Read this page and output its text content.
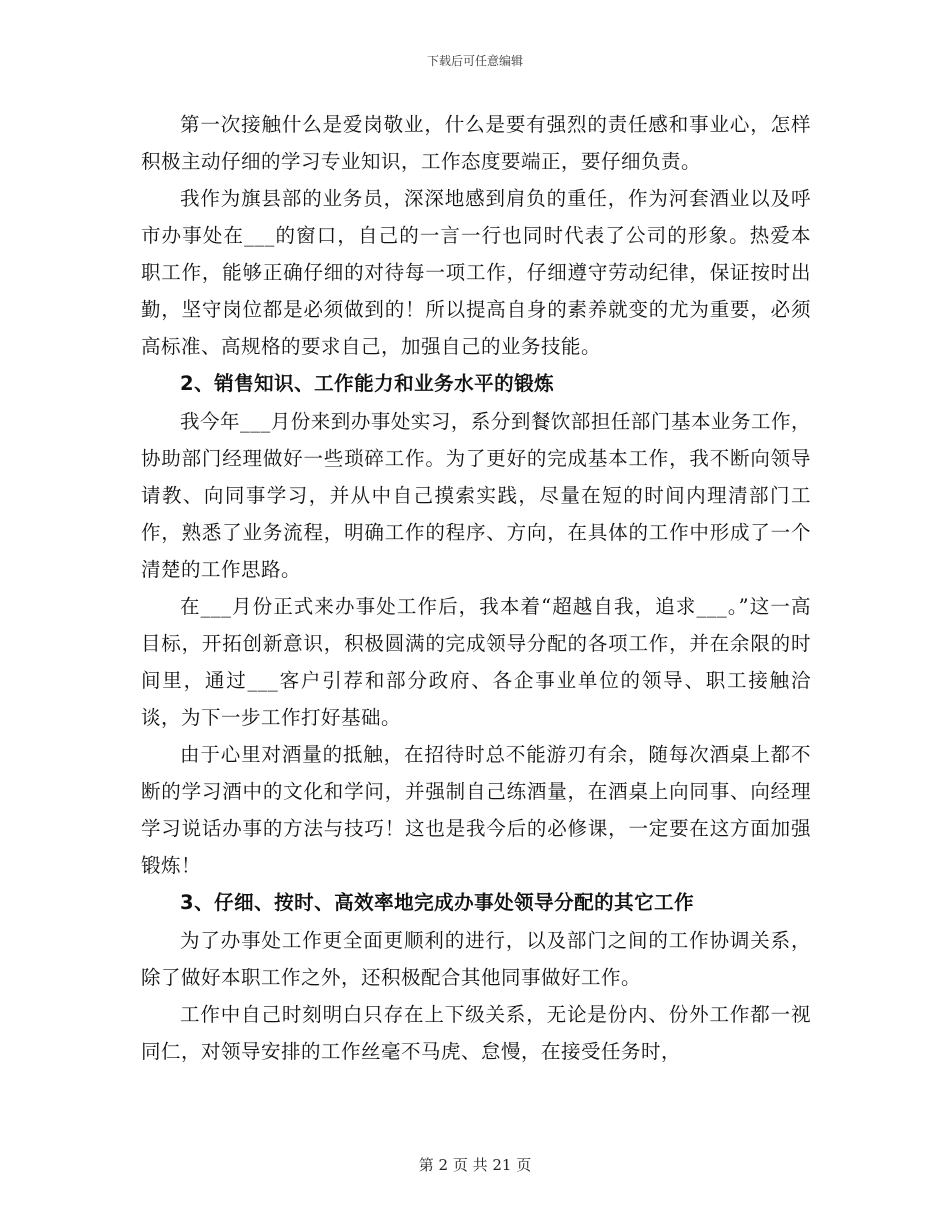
下载后可任意编辑

第一次接触什么是爱岗敬业，什么是要有强烈的责任感和事业心，怎样积极主动仔细的学习专业知识，工作态度要端正，要仔细负责。

我作为旗县部的业务员，深深地感到肩负的重任，作为河套酒业以及呼市办事处在___的窗口，自己的一言一行也同时代表了公司的形象。热爱本职工作，能够正确仔细的对待每一项工作，仔细遵守劳动纪律，保证按时出勤，坚守岗位都是必须做到的！所以提高自身的素养就变的尤为重要，必须高标准、高规格的要求自己，加强自己的业务技能。

2、销售知识、工作能力和业务水平的锻炼

我今年___月份来到办事处实习，系分到餐饮部担任部门基本业务工作，协助部门经理做好一些琐碎工作。为了更好的完成基本工作，我不断向领导请教、向同事学习，并从中自己摸索实践，尽量在短的时间内理清部门工作，熟悉了业务流程，明确工作的程序、方向，在具体的工作中形成了一个清楚的工作思路。

在___月份正式来办事处工作后，我本着“超越自我，追求___。”这一高目标，开拓创新意识，积极圆满的完成领导分配的各项工作，并在余限的时间里，通过___客户引荐和部分政府、各企事业单位的领导、职工接触洽谈，为下一步工作打好基础。

由于心里对酒量的抵触，在招待时总不能游刃有余，随每次酒桌上都不断的学习酒中的文化和学问，并强制自己练酒量，在酒桌上向同事、向经理学习说话办事的方法与技巧！这也是我今后的必修课，一定要在这方面加强锻炼！

3、仔细、按时、高效率地完成办事处领导分配的其它工作

为了办事处工作更全面更顺利的进行，以及部门之间的工作协调关系，除了做好本职工作之外，还积极配合其他同事做好工作。

工作中自己时刻明白只存在上下级关系，无论是份内、份外工作都一视同仁，对领导安排的工作丝毫不马虎、怠慢，在接受任务时，

第 2 页 共 21 页
